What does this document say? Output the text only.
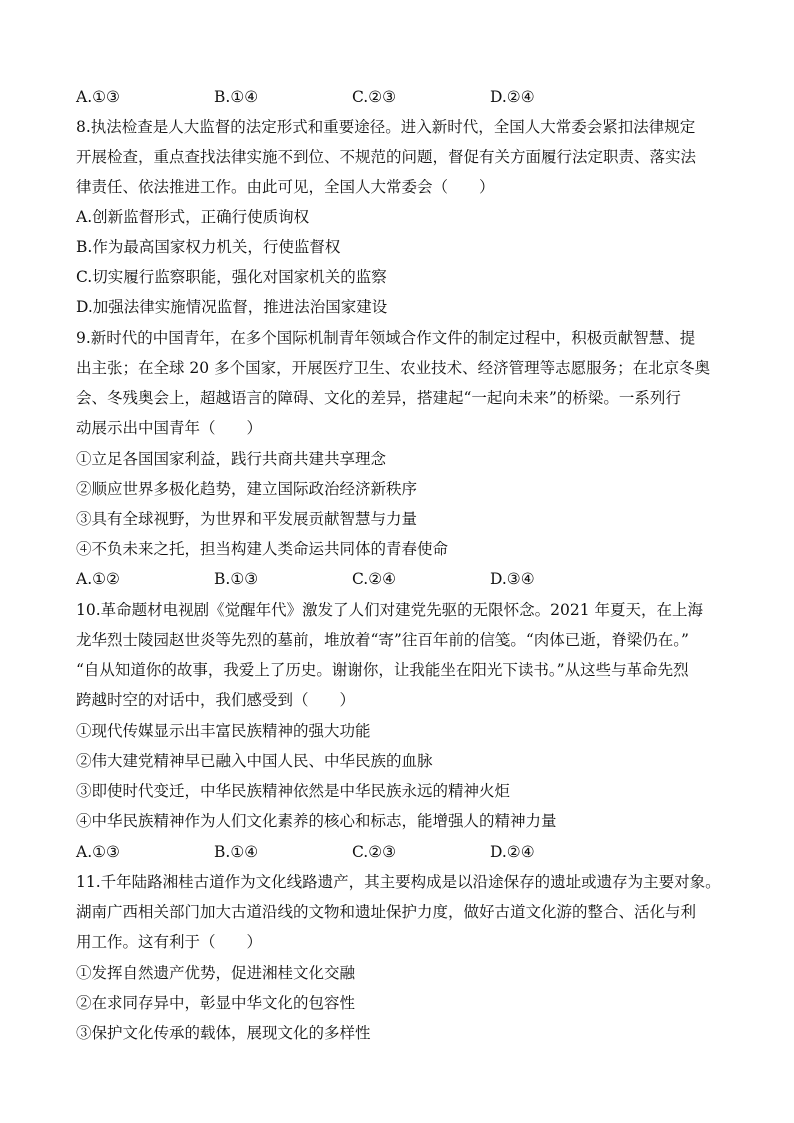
A.①③	B.①④	C.②③	D.②④
8.执法检查是人大监督的法定形式和重要途径。进入新时代，全国人大常委会紧扣法律规定
开展检查，重点查找法律实施不到位、不规范的问题，督促有关方面履行法定职责、落实法
律责任、依法推进工作。由此可见，全国人大常委会（　　）
A.创新监督形式，正确行使质询权
B.作为最高国家权力机关，行使监督权
C.切实履行监察职能，强化对国家机关的监察
D.加强法律实施情况监督，推进法治国家建设
9.新时代的中国青年，在多个国际机制青年领域合作文件的制定过程中，积极贡献智慧、提
出主张；在全球 20 多个国家，开展医疗卫生、农业技术、经济管理等志愿服务；在北京冬奥
会、冬残奥会上，超越语言的障碍、文化的差异，搭建起“一起向未来”的桥梁。一系列行
动展示出中国青年（　　）
①立足各国国家利益，践行共商共建共享理念
②顺应世界多极化趋势，建立国际政治经济新秩序
③具有全球视野，为世界和平发展贡献智慧与力量
④不负未来之托，担当构建人类命运共同体的青春使命
A.①②	B.①③	C.②④	D.③④
10.革命题材电视剧《觉醒年代》激发了人们对建党先驱的无限怀念。2021 年夏天，在上海
龙华烈士陵园赵世炎等先烈的墓前，堆放着“寄”往百年前的信笺。“肉体已逝，脊梁仍在。”
“自从知道你的故事，我爱上了历史。谢谢你，让我能坐在阳光下读书。”从这些与革命先烈
跨越时空的对话中，我们感受到（　　）
①现代传媒显示出丰富民族精神的强大功能
②伟大建党精神早已融入中国人民、中华民族的血脉
③即使时代变迁，中华民族精神依然是中华民族永远的精神火炬
④中华民族精神作为人们文化素养的核心和标志，能增强人的精神力量
A.①③	B.①④	C.②③	D.②④
11.千年陆路湘桂古道作为文化线路遗产，其主要构成是以沿途保存的遗址或遗存为主要对象。
湖南广西相关部门加大古道沿线的文物和遗址保护力度，做好古道文化游的整合、活化与利
用工作。这有利于（　　）
①发挥自然遗产优势，促进湘桂文化交融
②在求同存异中，彰显中华文化的包容性
③保护文化传承的载体，展现文化的多样性
